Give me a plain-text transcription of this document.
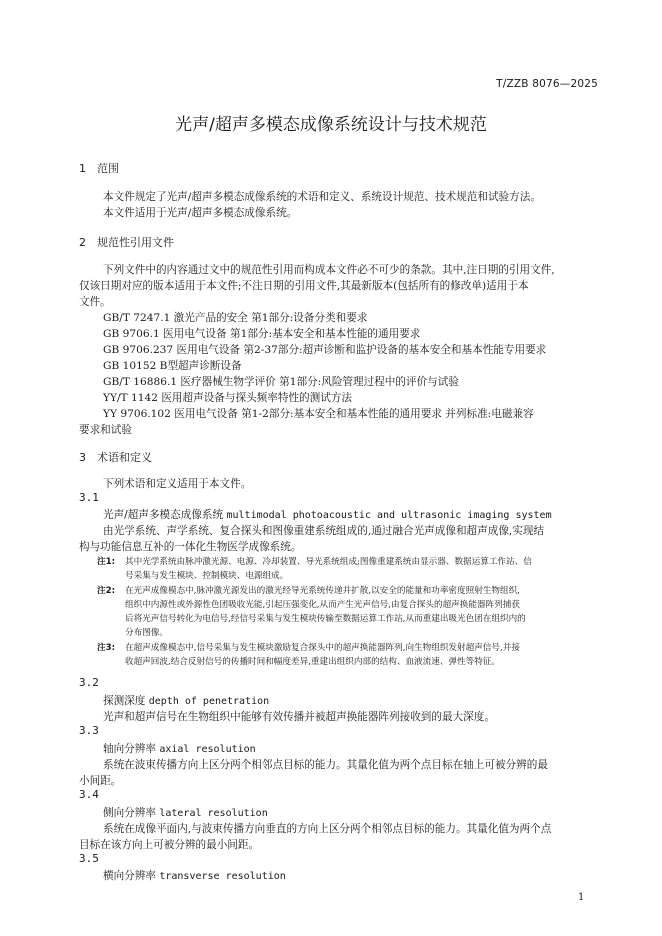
T/ZZB 8076—2025
光声/超声多模态成像系统设计与技术规范
1 范围
本文件规定了光声/超声多模态成像系统的术语和定义、系统设计规范、技术规范和试验方法。
本文件适用于光声/超声多模态成像系统。
2 规范性引用文件
下列文件中的内容通过文中的规范性引用而构成本文件必不可少的条款。其中,注日期的引用文件,
仅该日期对应的版本适用于本文件;不注日期的引用文件,其最新版本(包括所有的修改单)适用于本
文件。
GB/T 7247.1 激光产品的安全 第1部分:设备分类和要求
GB 9706.1 医用电气设备 第1部分:基本安全和基本性能的通用要求
GB 9706.237 医用电气设备 第2-37部分:超声诊断和监护设备的基本安全和基本性能专用要求
GB 10152 B型超声诊断设备
GB/T 16886.1 医疗器械生物学评价 第1部分:风险管理过程中的评价与试验
YY/T 1142 医用超声设备与探头频率特性的测试方法
YY 9706.102 医用电气设备 第1-2部分:基本安全和基本性能的通用要求 并列标准:电磁兼容
要求和试验
3 术语和定义
下列术语和定义适用于本文件。
3.1
光声/超声多模态成像系统 multimodal photoacoustic and ultrasonic imaging system
由光学系统、声学系统、复合探头和图像重建系统组成的,通过融合光声成像和超声成像,实现结
构与功能信息互补的一体化生物医学成像系统。
注1: 其中光学系统由脉冲激光源、电源、冷却装置、导光系统组成;图像重建系统由显示器、数据运算工作站、信
号采集与发生模块、控制模块、电源组成。
注2: 在光声成像模态中,脉冲激光源发出的激光经导光系统传递并扩散,以安全的能量和功率密度照射生物组织,
组织中内源性或外源性色团吸收光能,引起压强变化,从而产生光声信号,由复合探头的超声换能器阵列捕获
后将光声信号转化为电信号,经信号采集与发生模块传输至数据运算工作站,从而重建出吸光色团在组织内的
分布图像。
注3: 在超声成像模态中,信号采集与发生模块激励复合探头中的超声换能器阵列,向生物组织发射超声信号,并接
收超声回波,结合反射信号的传播时间和幅度差异,重建出组织内部的结构、血液流速、弹性等特征。
3.2
探测深度 depth of penetration
光声和超声信号在生物组织中能够有效传播并被超声换能器阵列接收到的最大深度。
3.3
轴向分辨率 axial resolution
系统在波束传播方向上区分两个相邻点目标的能力。其量化值为两个点目标在轴上可被分辨的最
小间距。
3.4
侧向分辨率 lateral resolution
系统在成像平面内,与波束传播方向垂直的方向上区分两个相邻点目标的能力。其量化值为两个点
目标在该方向上可被分辨的最小间距。
3.5
横向分辨率 transverse resolution
1
